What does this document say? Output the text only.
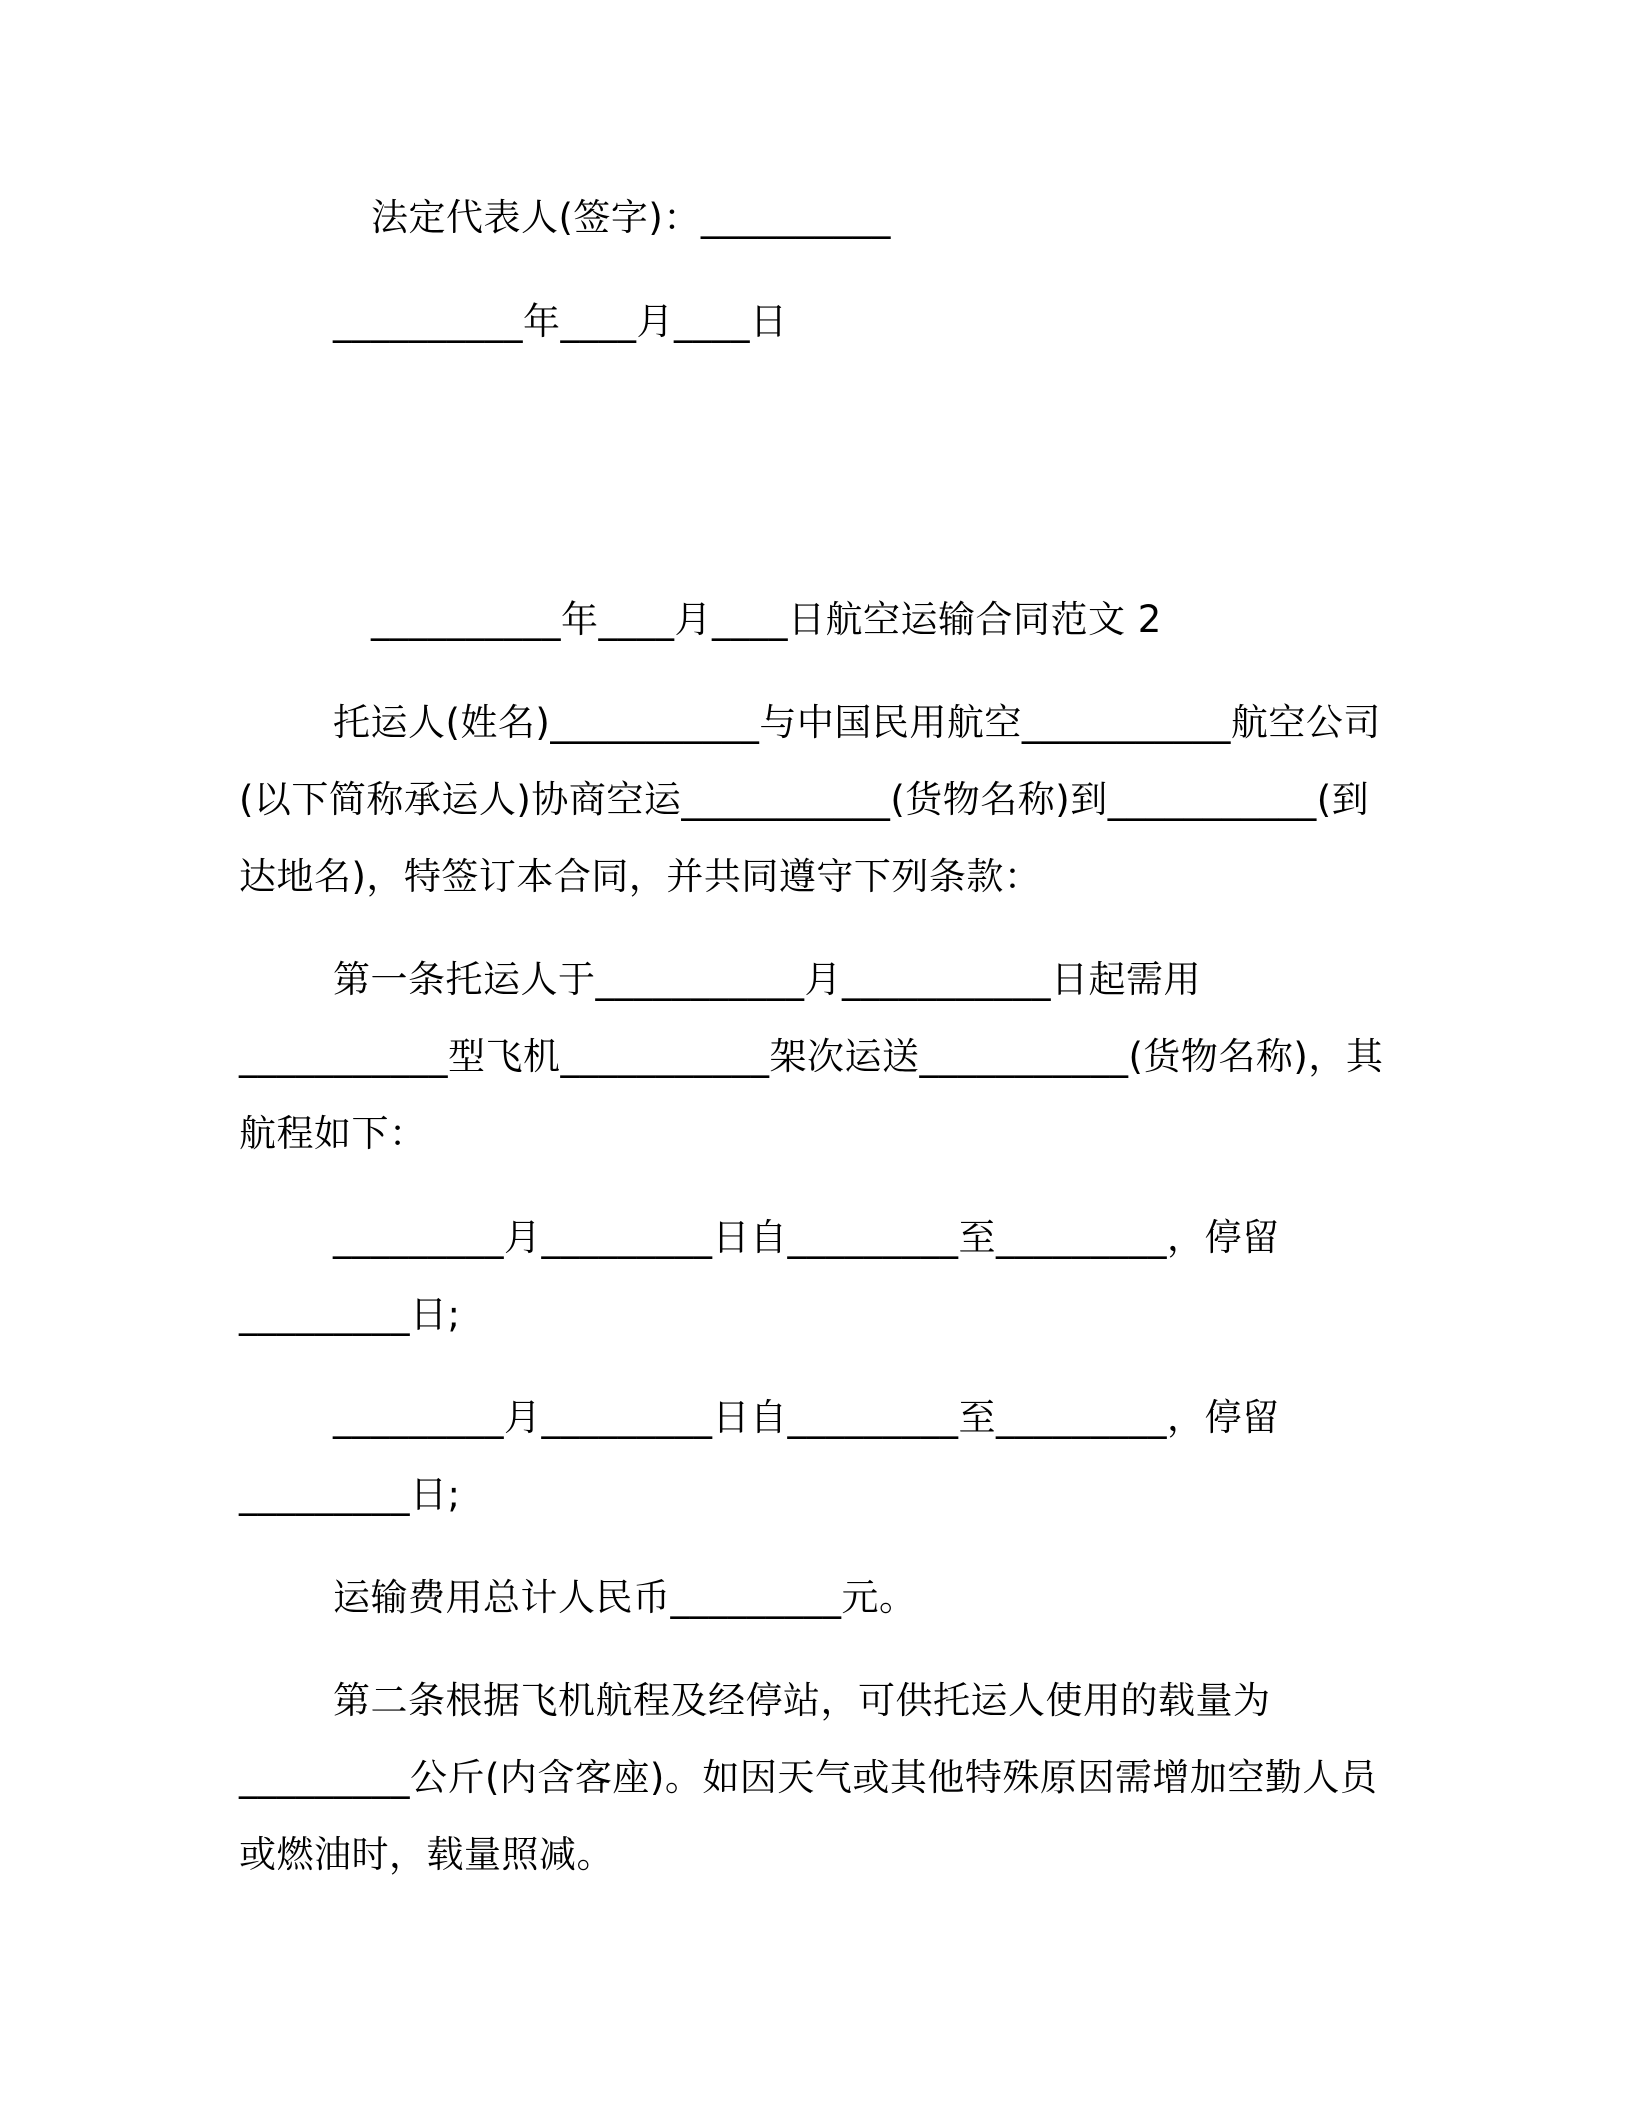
法定代表人(签字)：__________
__________年____月____日
__________年____月____日航空运输合同范文 2
托运人(姓名)___________与中国民用航空___________航空公司
(以下简称承运人)协商空运___________(货物名称)到___________(到
达地名)，特签订本合同，并共同遵守下列条款：
第一条托运人于___________月___________日起需用
___________型飞机___________架次运送___________(货物名称)，其
航程如下：
_________月_________日自_________至_________，停留
_________日;
_________月_________日自_________至_________，停留
_________日;
运输费用总计人民币_________元。
第二条根据飞机航程及经停站，可供托运人使用的载量为
_________公斤(内含客座)。如因天气或其他特殊原因需增加空勤人员
或燃油时，载量照减。
